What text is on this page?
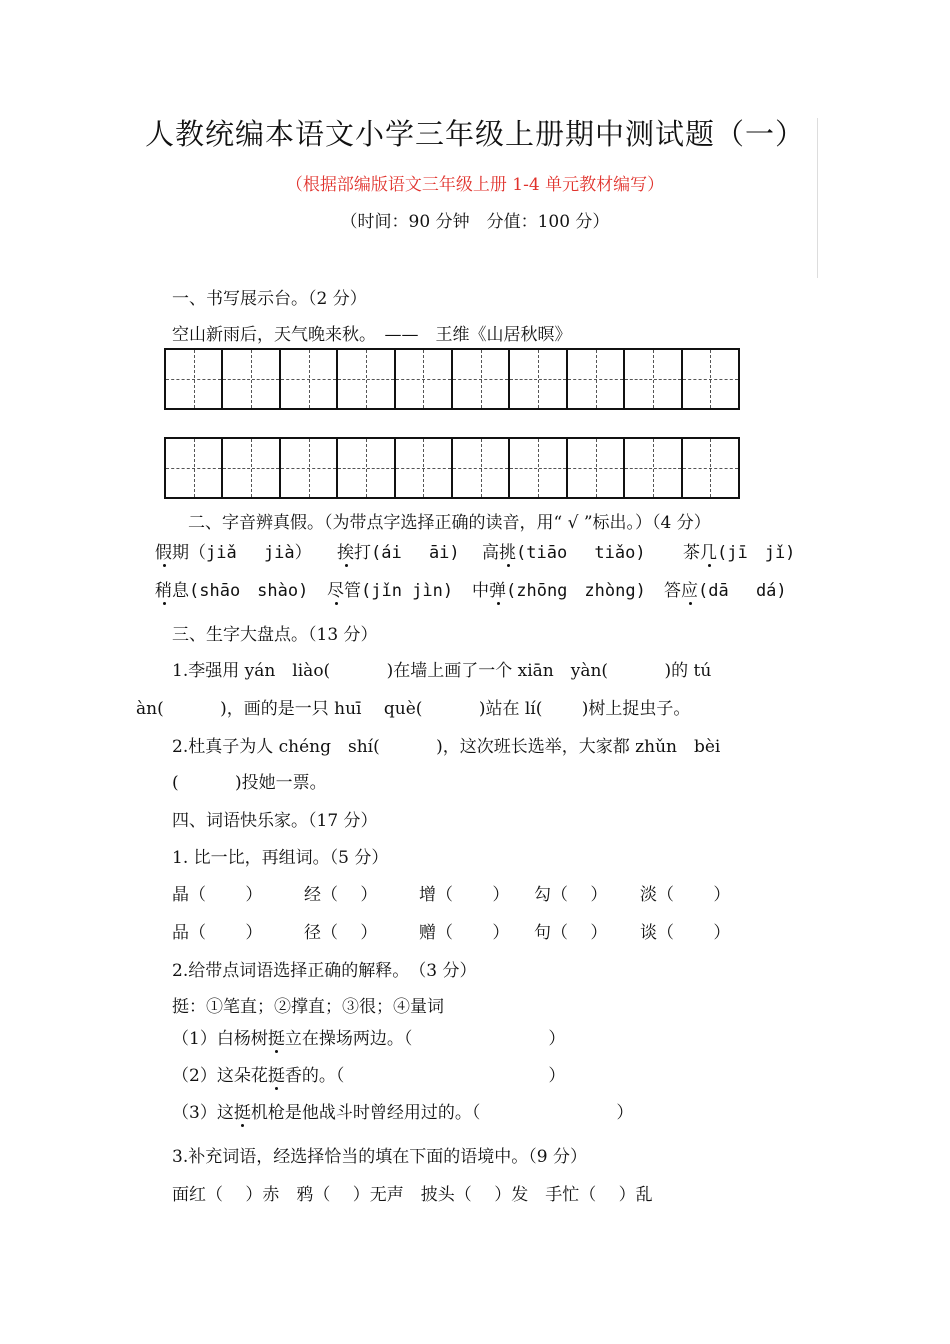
人教统编本语文小学三年级上册期中测试题（一）
（根据部编版语文三年级上册 1-4 单元教材编写）
（时间：90 分钟　分值：100 分）
一、书写展示台。（2 分）
空山新雨后，天气晚来秋。　——　王维《山居秋暝》
二、字音辨真假。（为带点字选择正确的读音，用“ √ ”标出。）（4 分）
假期（jiǎ　 jià） 挨打(ái　 āi) 高挑(tiāo　 tiǎo) 茶几(jī　jǐ)
稍息(shāo　shào) 尽管(jǐn jìn) 中弹(zhōng　zhòng) 答应(dā　 dá)
三、生字大盘点。（13 分）
1.李强用 yán　liào(　　　 )在墙上画了一个 xiān　yàn(　　　 )的 tú
àn(　　　 )，画的是一只 huī　 què(　　　 )站在 lí(　　 )树上捉虫子。
2.杜真子为人 chéng　shí(　　　 )，这次班长选举，大家都 zhǔn　bèi
(　　　 )投她一票。
四、词语快乐家。（17 分）
1. 比一比，再组词。（5 分）
晶（　　 ） 经（　 ） 增（　　 ） 勾（　 ） 淡（　　 ）
品（　　 ） 径（　 ） 赠（　　 ） 句（　 ） 谈（　　 ）
2.给带点词语选择正确的解释。　（3 分）
挺：①笔直；②撑直；③很；④量词
（1）白杨树挺立在操场两边。（　　　　　　　　）
（2）这朵花挺香的。（　　　　　　　　　　　　）
（3）这挺机枪是他战斗时曾经用过的。（　　　　　　　　）
3.补充词语，经选择恰当的填在下面的语境中。（9 分）
面红（　 ）赤　鸦（　 ）无声　披头（　 ）发　手忙（　 ）乱
